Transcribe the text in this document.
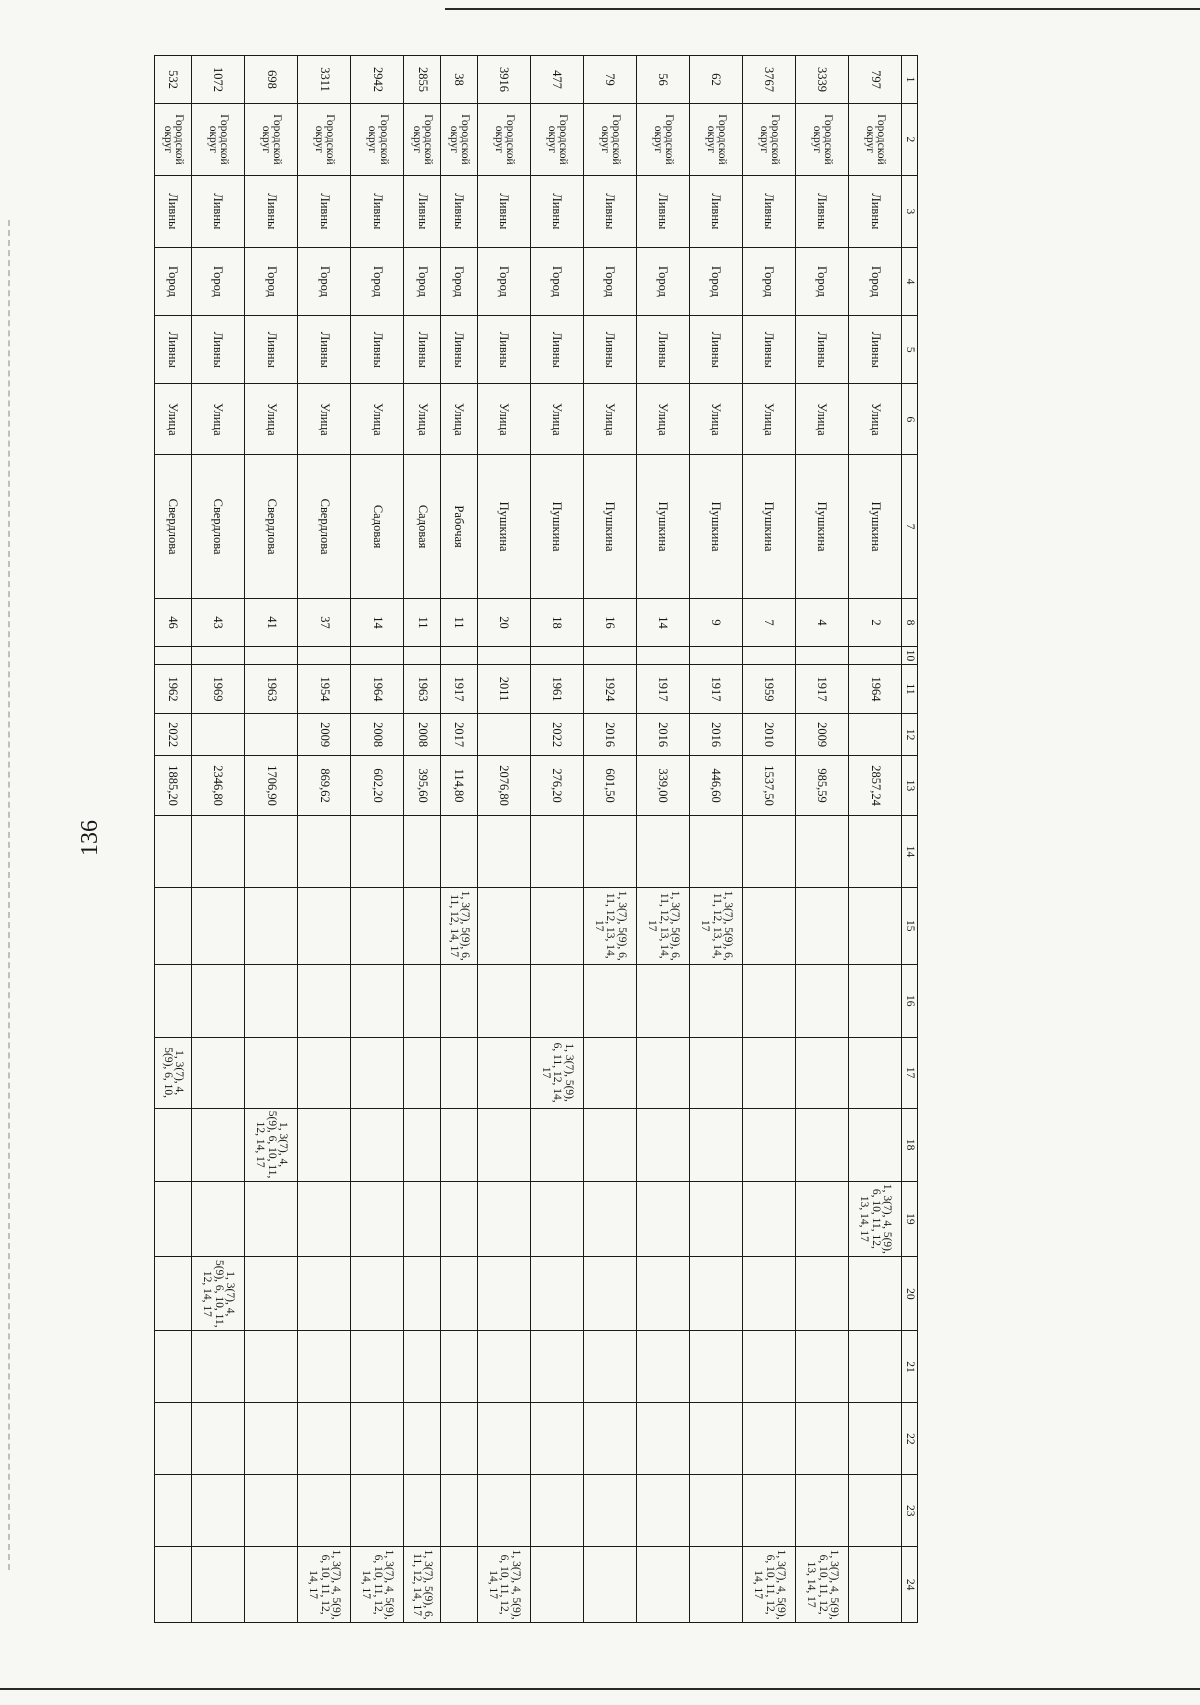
136
1	2	3	4	5	6	7	8	10	11	12	13	14	15	16	17	18	19	20	21	22	23	24
797	Городской округ	Ливны	Город	Ливны	Улица	Пушкина	2		1964		2857,24						1, 3(7), 4, 5(9), 6, 10, 11, 12, 13, 14, 17					
3339	Городской округ	Ливны	Город	Ливны	Улица	Пушкина	4		1917	2009	985,59											1, 3(7), 4, 5(9), 6, 10, 11, 12, 13, 14, 17
3767	Городской округ	Ливны	Город	Ливны	Улица	Пушкина	7		1959	2010	1537,50											1, 3(7), 4, 5(9), 6, 10, 11, 12, 14, 17
62	Городской округ	Ливны	Город	Ливны	Улица	Пушкина	9		1917	2016	446,60		1, 3(7), 5(9), 6, 11, 12, 13, 14, 17									
56	Городской округ	Ливны	Город	Ливны	Улица	Пушкина	14		1917	2016	339,00		1, 3(7), 5(9), 6, 11, 12, 13, 14, 17									
79	Городской округ	Ливны	Город	Ливны	Улица	Пушкина	16		1924	2016	601,50		1, 3(7), 5(9), 6, 11, 12, 13, 14, 17									
477	Городской округ	Ливны	Город	Ливны	Улица	Пушкина	18		1961	2022	276,20				1, 3(7), 5(9), 6, 11, 12, 14, 17							
3916	Городской округ	Ливны	Город	Ливны	Улица	Пушкина	20		2011		2076,80											1, 3(7), 4, 5(9), 6, 10, 11, 12, 14, 17
38	Городской округ	Ливны	Город	Ливны	Улица	Рабочая	11		1917	2017	114,80		1, 3(7), 5(9), 6, 11, 12, 14, 17									
2855	Городской округ	Ливны	Город	Ливны	Улица	Садовая	11		1963	2008	395,60											1, 3(7), 5(9), 6, 11, 12, 14, 17
2942	Городской округ	Ливны	Город	Ливны	Улица	Садовая	14		1964	2008	602,20											1, 3(7), 4, 5(9), 6, 10, 11, 12, 14, 17
3311	Городской округ	Ливны	Город	Ливны	Улица	Свердлова	37		1954	2009	869,62											1, 3(7), 4, 5(9), 6, 10, 11, 12, 14, 17
698	Городской округ	Ливны	Город	Ливны	Улица	Свердлова	41		1963		1706,90					1, 3(7), 4, 5(9), 6, 10, 11, 12, 14, 17						
1072	Городской округ	Ливны	Город	Ливны	Улица	Свердлова	43		1969		2346,80							1, 3(7), 4, 5(9), 6, 10, 11, 12, 14, 17				
532	Городской округ	Ливны	Город	Ливны	Улица	Свердлова	46		1962	2022	1885,20				1, 3(7), 4, 5(9), 6, 10,							
